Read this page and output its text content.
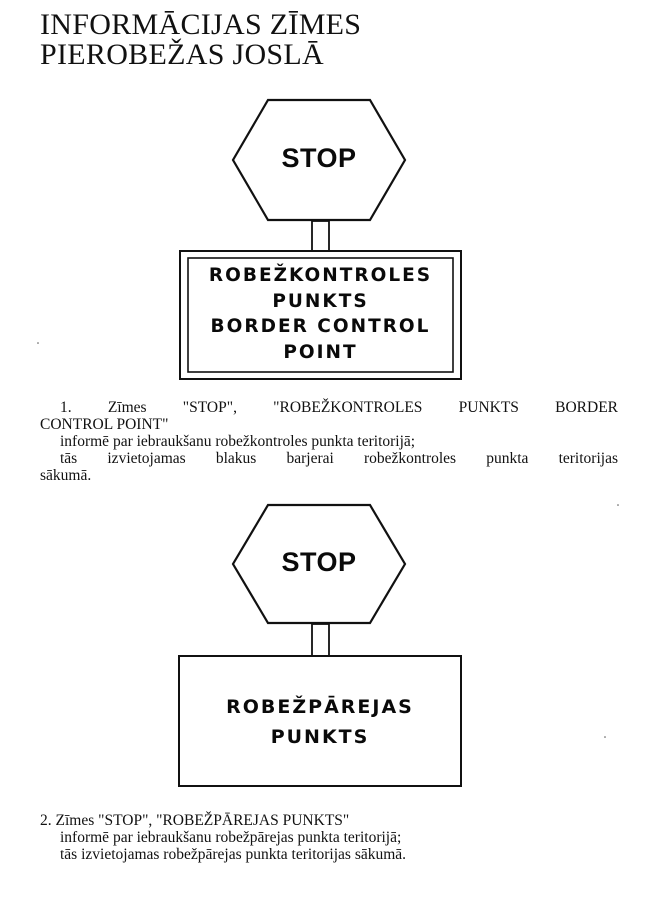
INFORMĀCIJAS ZĪMES
PIEROBEŽAS JOSLĀ
STOP
ROBEŽKONTROLES
PUNKTS
BORDER CONTROL
POINT
1. Zīmes "STOP", "ROBEŽKONTROLES PUNKTS BORDER
CONTROL POINT"
informē par iebraukšanu robežkontroles punkta teritorijā;
tās izvietojamas blakus barjerai robežkontroles punkta teritorijas
sākumā.
STOP
ROBEŽPĀREJAS
PUNKTS
2. Zīmes "STOP", "ROBEŽPĀREJAS PUNKTS"
informē par iebraukšanu robežpārejas punkta teritorijā;
tās izvietojamas robežpārejas punkta teritorijas sākumā.
